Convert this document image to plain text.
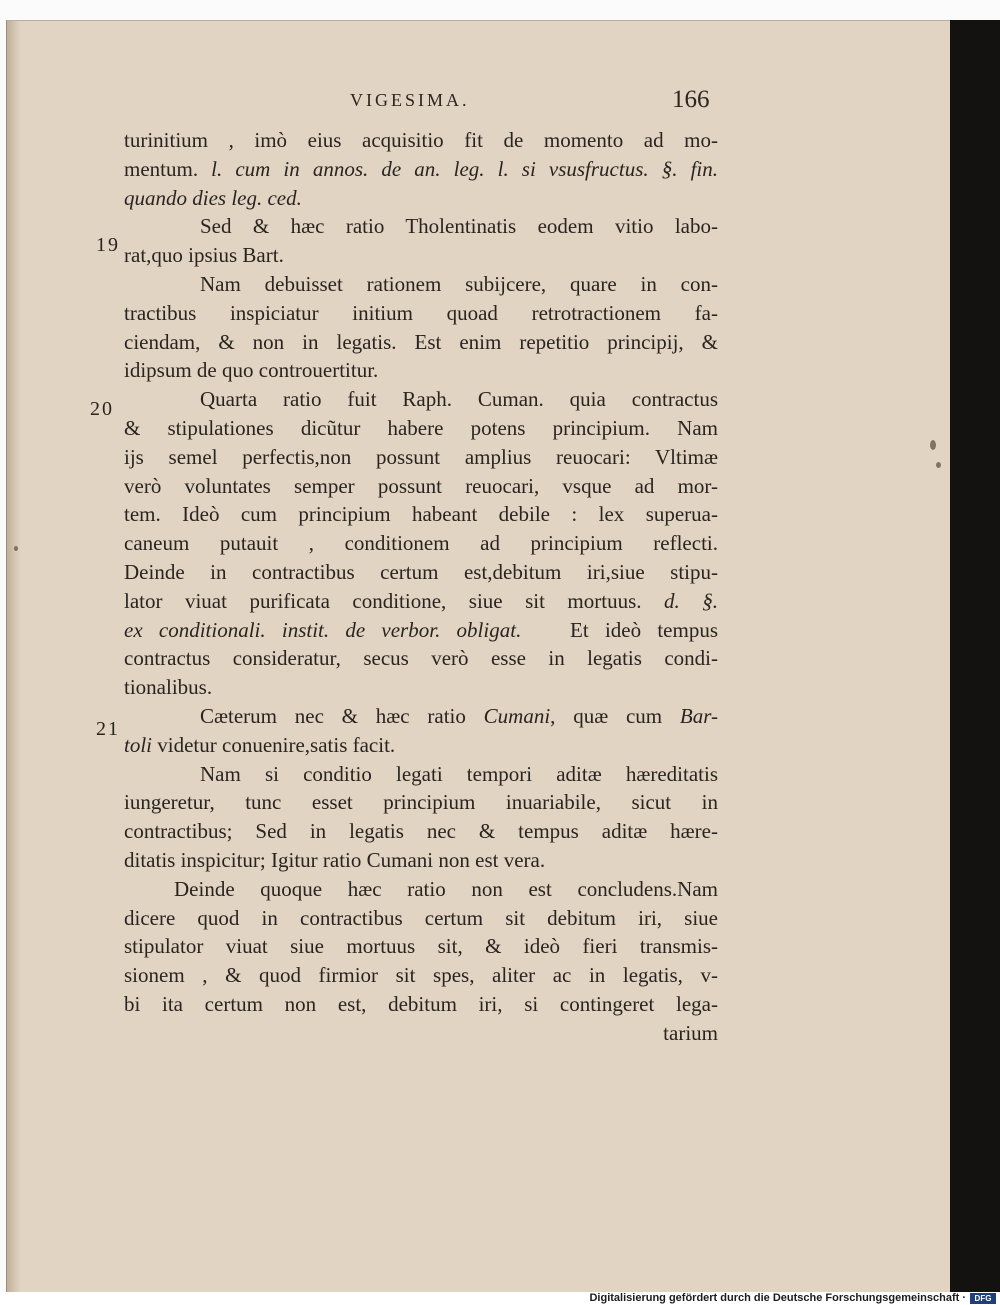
VIGESIMA.	166
19
20
21
turinitium , imò eius acquisitio fit de momento ad mo-
mentum. l. cum in annos. de an. leg. l. si vsusfructus. §. fin.
quando dies leg. ced.
Sed & hæc ratio Tholentinatis eodem vitio labo-
rat,quo ipsius Bart.
Nam debuisset rationem subijcere, quare in con-
tractibus inspiciatur initium quoad retrotractionem fa-
ciendam, & non in legatis. Est enim repetitio principij, &
idipsum de quo controuertitur.
Quarta ratio fuit Raph. Cuman. quia contractus
& stipulationes dicũtur habere potens principium. Nam
ijs semel perfectis,non possunt amplius reuocari: Vltimæ
verò voluntates semper possunt reuocari, vsque ad mor-
tem. Ideò cum principium habeant debile : lex superua-
caneum putauit , conditionem ad principium reflecti.
Deinde in contractibus certum est,debitum iri,siue stipu-
lator viuat purificata conditione, siue sit mortuus. d. §.
ex conditionali. instit. de verbor. obligat. Et ideò tempus
contractus consideratur, secus verò esse in legatis condi-
tionalibus.
Cæterum nec & hæc ratio Cumani, quæ cum Bar-
toli videtur conuenire,satis facit.
Nam si conditio legati tempori aditæ hæreditatis
iungeretur, tunc esset principium inuariabile, sicut in
contractibus; Sed in legatis nec & tempus aditæ hære-
ditatis inspicitur; Igitur ratio Cumani non est vera.
Deinde quoque hæc ratio non est concludens.Nam
dicere quod in contractibus certum sit debitum iri, siue
stipulator viuat siue mortuus sit, & ideò fieri transmis-
sionem , & quod firmior sit spes, aliter ac in legatis, v-
bi ita certum non est, debitum iri, si contingeret lega-
tarium
Digitalisierung gefördert durch die Deutsche Forschungsgemeinschaft ·	DFG
